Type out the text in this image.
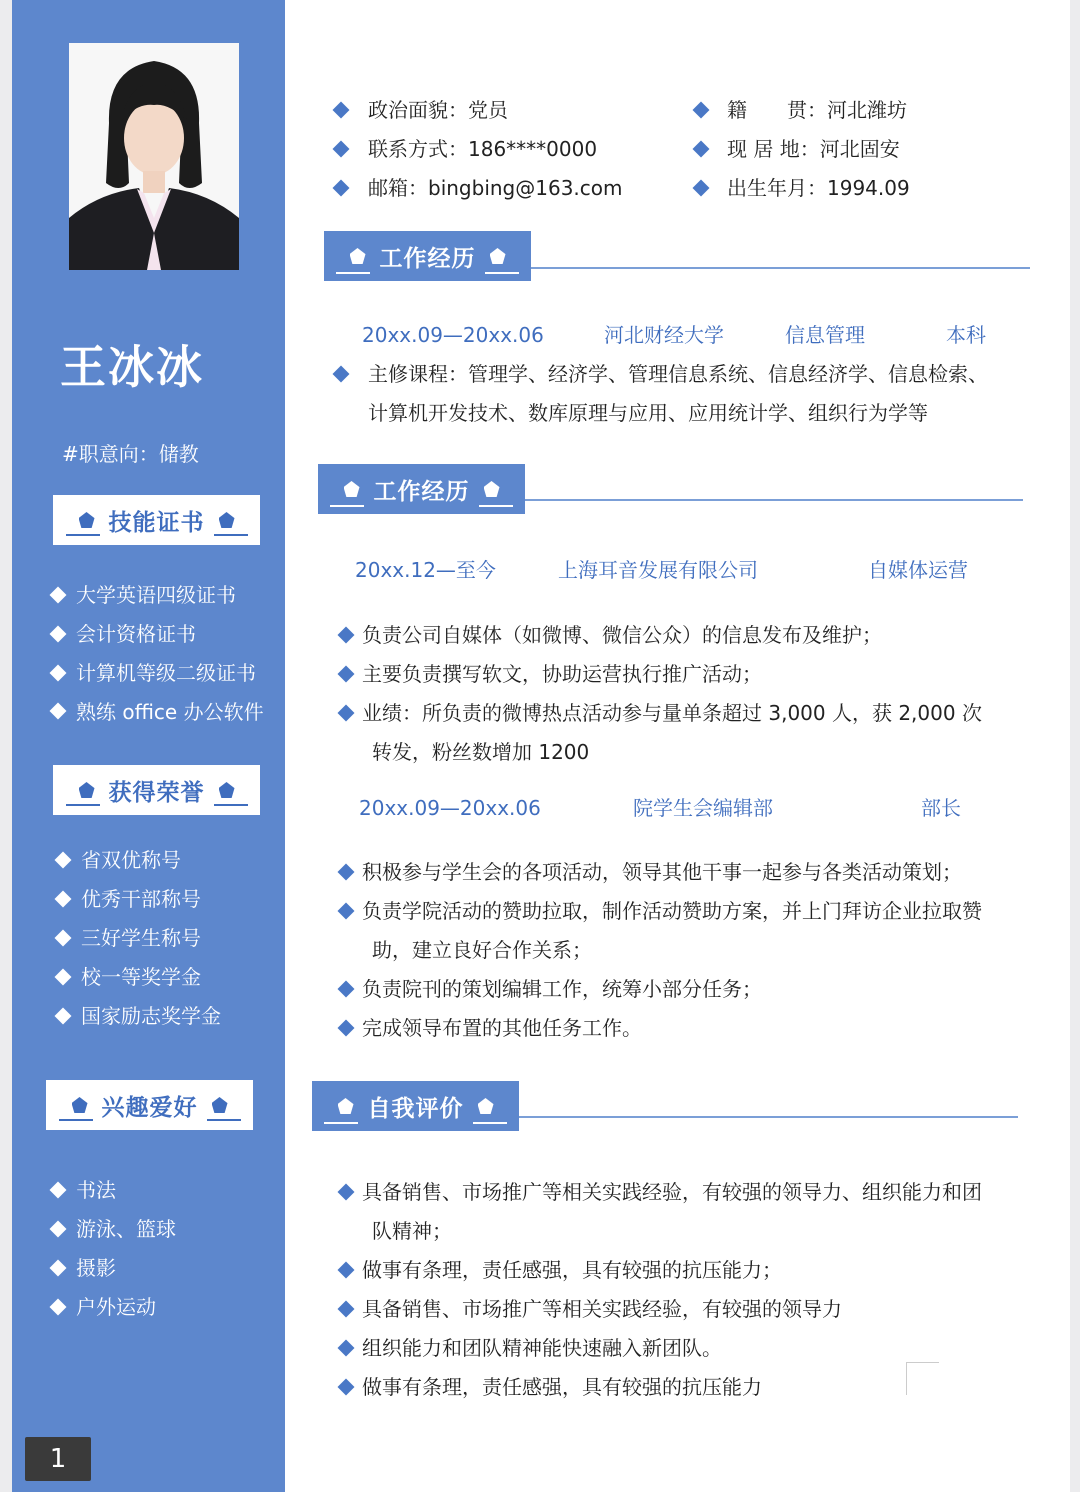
王冰冰
技能证书
大学英语四级证书
会计资格证书
计算机等级二级证书
熟练 office 办公软件
获得荣誉
省双优称号
优秀干部称号
三好学生称号
校一等奖学金
国家励志奖学金
兴趣爱好
书法
游泳、篮球
摄影
户外运动
1
政治面貌：党员
联系方式：186****0000
邮箱：bingbing@163.com
籍　　贯：河北潍坊
现 居 地：河北固安
出生年月：1994.09
工作经历
20xx.09—20xx.06	河北财经大学	信息管理	本科
主修课程：管理学、经济学、管理信息系统、信息经济学、信息检索、
计算机开发技术、数库原理与应用、应用统计学、组织行为学等
工作经历
20xx.12—至今	上海耳音发展有限公司	自媒体运营
负责公司自媒体（如微博、微信公众）的信息发布及维护；
主要负责撰写软文，协助运营执行推广活动；
业绩：所负责的微博热点活动参与量单条超过 3,000 人，获 2,000 次
转发，粉丝数增加 1200
20xx.09—20xx.06	院学生会编辑部	部长
积极参与学生会的各项活动，领导其他干事一起参与各类活动策划；
负责学院活动的赞助拉取，制作活动赞助方案，并上门拜访企业拉取赞
助，建立良好合作关系；
负责院刊的策划编辑工作，统筹小部分任务；
完成领导布置的其他任务工作。
自我评价
具备销售、市场推广等相关实践经验，有较强的领导力、组织能力和团
队精神；
做事有条理，责任感强，具有较强的抗压能力；
具备销售、市场推广等相关实践经验，有较强的领导力
组织能力和团队精神能快速融入新团队。
做事有条理，责任感强，具有较强的抗压能力
